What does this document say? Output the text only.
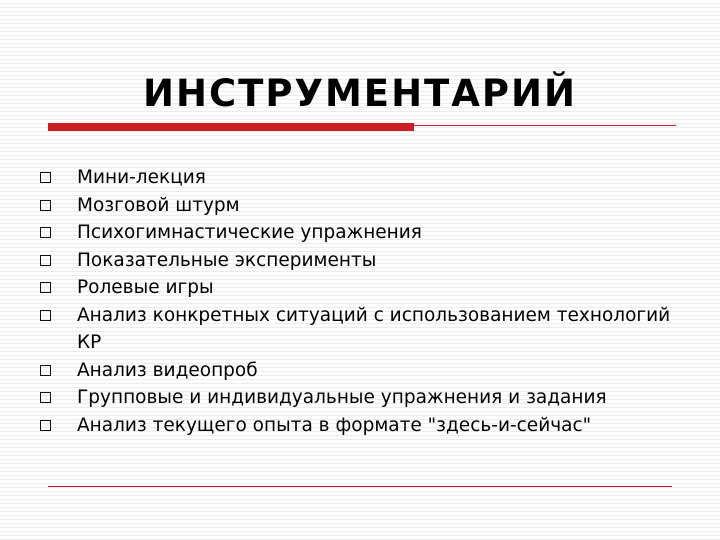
ИНСТРУМЕНТАРИЙ
Мини-лекция
Мозговой штурм
Психогимнастические упражнения
Показательные эксперименты
Ролевые игры
Анализ конкретных ситуаций с использованием технологий КР
Анализ видеопроб
Групповые и индивидуальные упражнения и задания
Анализ текущего опыта в формате "здесь-и-сейчас"
